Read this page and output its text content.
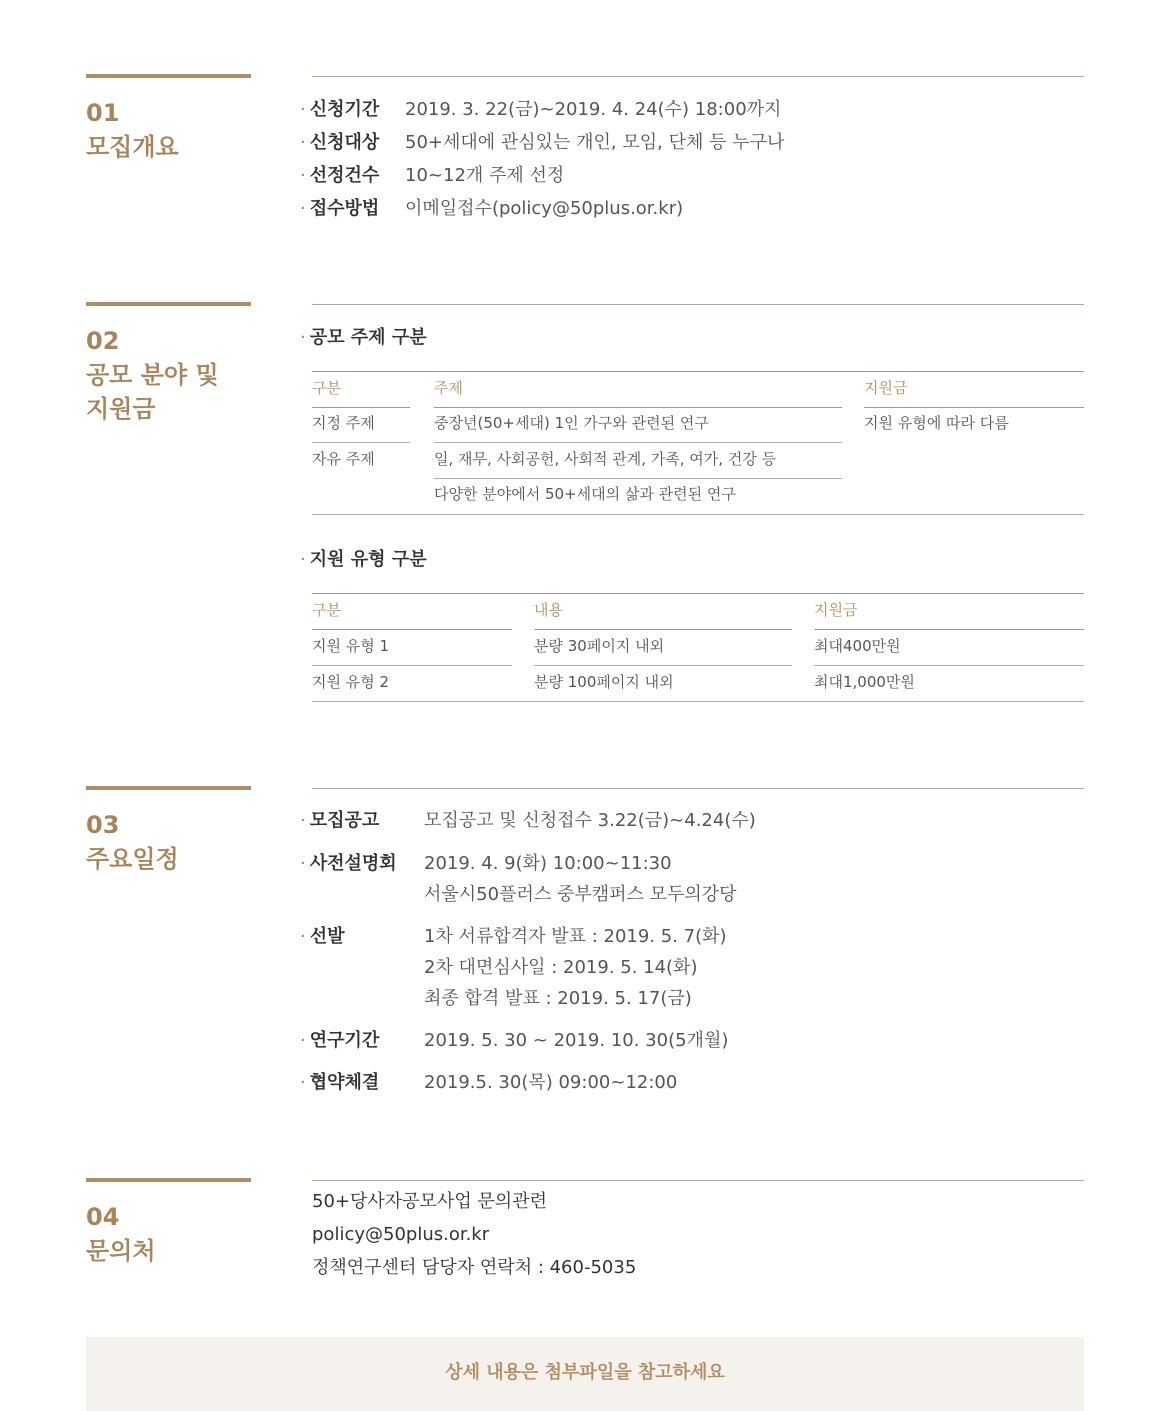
01
모집개요
· 신청기간 2019. 3. 22(금)~2019. 4. 24(수) 18:00까지
· 신청대상 50+세대에 관심있는 개인, 모임, 단체 등 누구나
· 선정건수 10~12개 주제 선정
· 접수방법 이메일접수(policy@50plus.or.kr)
02
공모 분야 및
지원금
· 공모 주제 구분
구분	주제	지원금
지정 주제	중장년(50+세대) 1인 가구와 관련된 연구	지원 유형에 따라 다름
자유 주제	일, 재무, 사회공헌, 사회적 관계, 가족, 여가, 건강 등
다양한 분야에서 50+세대의 삶과 관련된 연구
· 지원 유형 구분
구분	내용	지원금
지원 유형 1	분량 30페이지 내외	최대400만원
지원 유형 2	분량 100페이지 내외	최대1,000만원
03
주요일정
· 모집공고 모집공고 및 신청접수 3.22(금)~4.24(수)
· 사전설명회 2019. 4. 9(화) 10:00~11:30
서울시50플러스 중부캠퍼스 모두의강당
· 선발	1차 서류합격자 발표 : 2019. 5. 7(화)
2차 대면심사일 : 2019. 5. 14(화)
최종 합격 발표 : 2019. 5. 17(금)
· 연구기간 2019. 5. 30 ~ 2019. 10. 30(5개월)
· 협약체결 2019.5. 30(목) 09:00~12:00
04
문의처
50+당사자공모사업 문의관련
policy@50plus.or.kr
정책연구센터 담당자 연락처 : 460-5035
상세 내용은 첨부파일을 참고하세요
